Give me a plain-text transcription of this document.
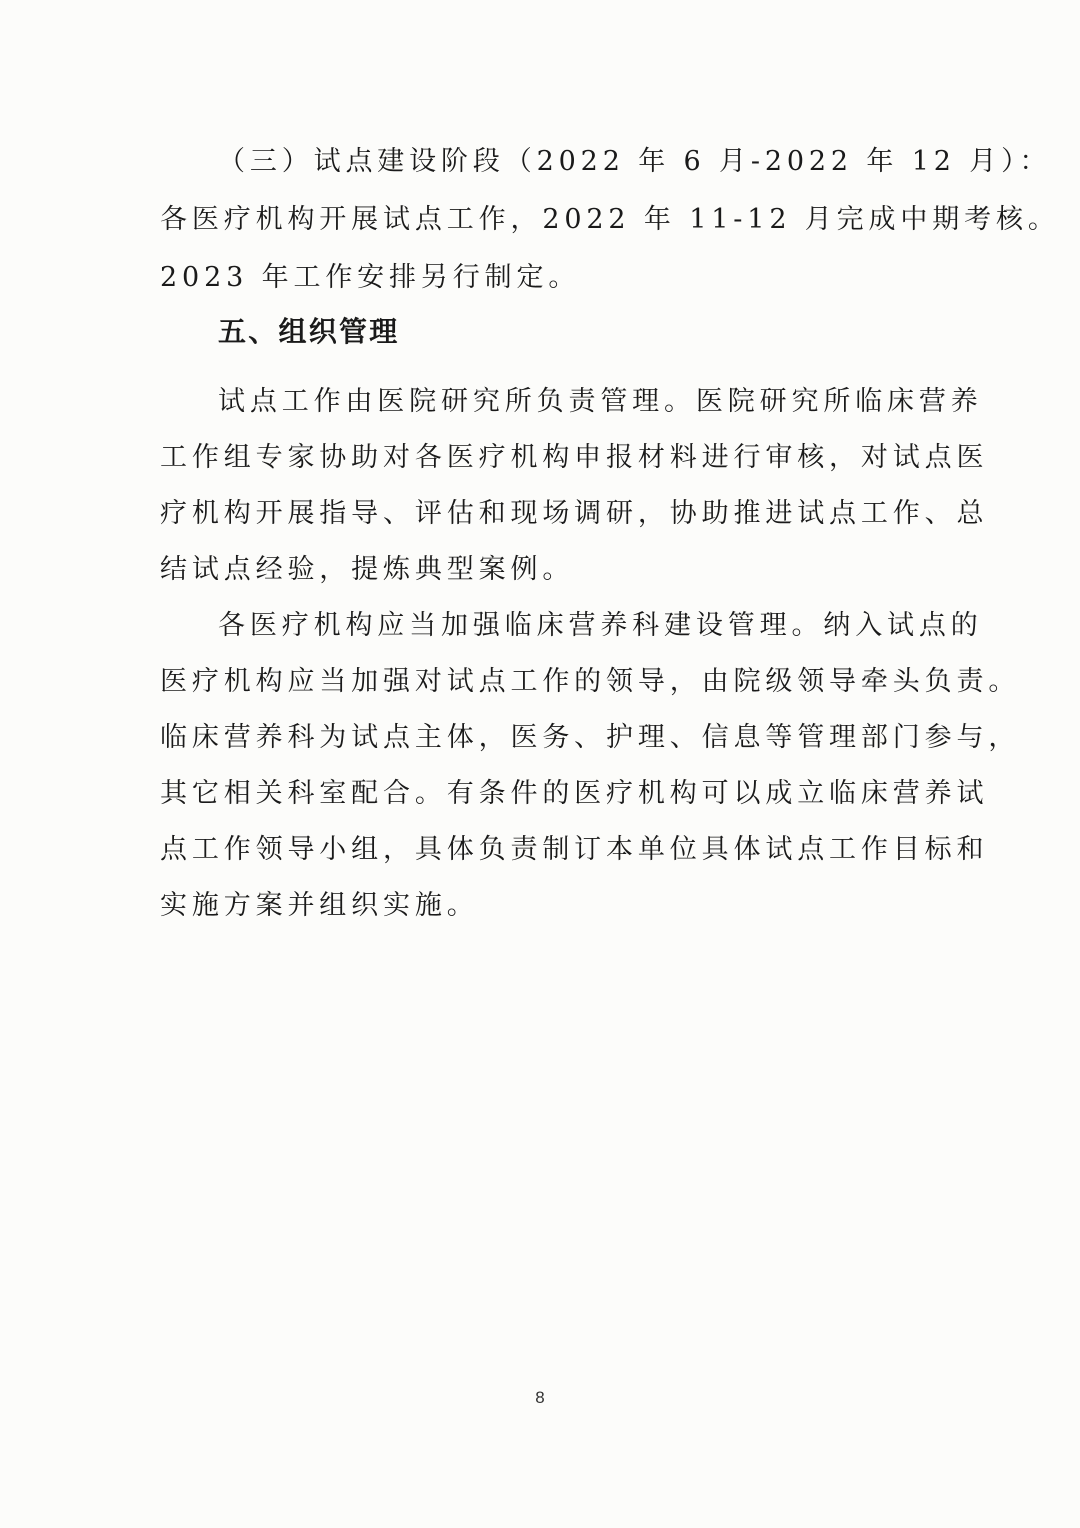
（三）试点建设阶段（2022 年 6 月-2022 年 12 月）：
各医疗机构开展试点工作，2022 年 11-12 月完成中期考核。
2023 年工作安排另行制定。
五、组织管理
试点工作由医院研究所负责管理。医院研究所临床营养
工作组专家协助对各医疗机构申报材料进行审核，对试点医
疗机构开展指导、评估和现场调研，协助推进试点工作、总
结试点经验，提炼典型案例。
各医疗机构应当加强临床营养科建设管理。纳入试点的
医疗机构应当加强对试点工作的领导，由院级领导牵头负责。
临床营养科为试点主体，医务、护理、信息等管理部门参与，
其它相关科室配合。有条件的医疗机构可以成立临床营养试
点工作领导小组，具体负责制订本单位具体试点工作目标和
实施方案并组织实施。
8
